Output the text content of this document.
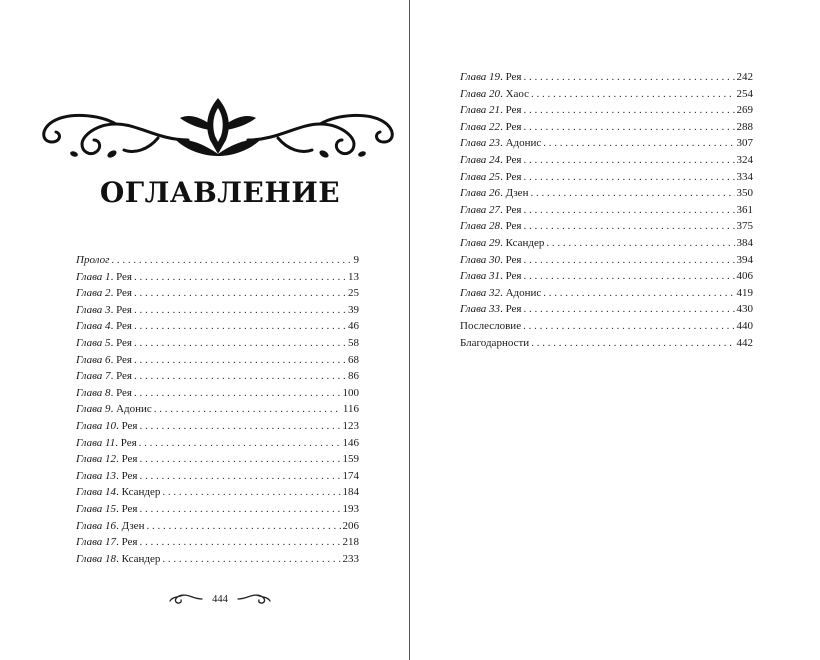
ОГЛАВЛЕНИЕ
Пролог . . .	9
Глава 1. Рея . . .	13
Глава 2. Рея . . .	25
Глава 3. Рея . . .	39
Глава 4. Рея . . .	46
Глава 5. Рея . . .	58
Глава 6. Рея . . .	68
Глава 7. Рея . . .	86
Глава 8. Рея . . .	100
Глава 9. Адонис . . .	116
Глава 10. Рея . . .	123
Глава 11. Рея . . .	146
Глава 12. Рея . . .	159
Глава 13. Рея . . .	174
Глава 14. Ксандер . . .	184
Глава 15. Рея . . .	193
Глава 16. Дзен . . .	206
Глава 17. Рея . . .	218
Глава 18. Ксандер . . .	233
444
Глава 19. Рея . . .	242
Глава 20. Хаос . . .	254
Глава 21. Рея . . .	269
Глава 22. Рея . . .	288
Глава 23. Адонис . . .	307
Глава 24. Рея . . .	324
Глава 25. Рея . . .	334
Глава 26. Дзен . . .	350
Глава 27. Рея . . .	361
Глава 28. Рея . . .	375
Глава 29. Ксандер . . .	384
Глава 30. Рея . . .	394
Глава 31. Рея . . .	406
Глава 32. Адонис . . .	419
Глава 33. Рея . . .	430
Послесловие . . .	440
Благодарности . . .	442
